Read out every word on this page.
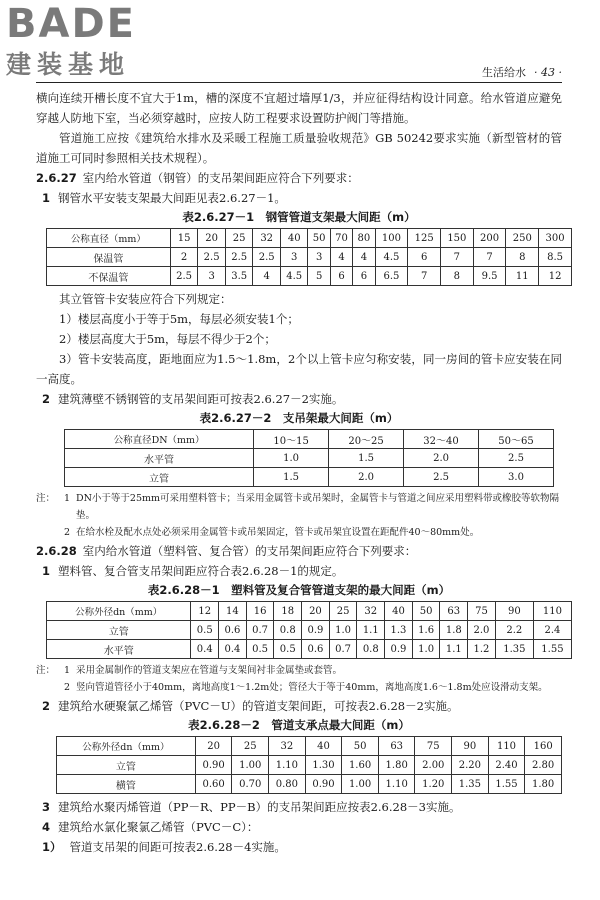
BADE
建装基地	生活给水 · 43 ·

横向连续开槽长度不宜大于1m，槽的深度不宜超过墙厚1/3，并应征得结构设计同意。给水管道应避免穿越人防地下室，当必须穿越时，应按人防工程要求设置防护阀门等措施。

管道施工应按《建筑给水排水及采暖工程施工质量验收规范》GB 50242要求实施（新型管材的管道施工可同时参照相关技术规程）。

2.6.27 室内给水管道（钢管）的支吊架间距应符合下列要求：

1 钢管水平安装支架最大间距见表2.6.27－1。

表2.6.27－1　钢管管道支架最大间距（m）
公称直径（mm）	15	20	25	32	40	50	70	80	100	125	150	200	250	300
保温管	2	2.5	2.5	2.5	3	3	4	4	4.5	6	7	7	8	8.5
不保温管	2.5	3	3.5	4	4.5	5	6	6	6.5	7	8	9.5	11	12

其立管管卡安装应符合下列规定：

1）楼层高度小于等于5m，每层必须安装1个；

2）楼层高度大于5m，每层不得少于2个；

3）管卡安装高度，距地面应为1.5～1.8m，2个以上管卡应匀称安装，同一房间的管卡应安装在同一高度。

2 建筑薄壁不锈钢管的支吊架间距可按表2.6.27－2实施。

表2.6.27－2　支吊架最大间距（m）
公称直径DN（mm）	10～15	20～25	32～40	50～65
水平管	1.0	1.5	2.0	2.5
立管	1.5	2.0	2.5	3.0
注： 1 DN小于等于25mm可采用塑料管卡；当采用金属管卡或吊架时，金属管卡与管道之间应采用塑料带或橡胶等软物隔垫。
2 在给水栓及配水点处必须采用金属管卡或吊架固定，管卡或吊架宜设置在距配件40～80mm处。

2.6.28 室内给水管道（塑料管、复合管）的支吊架间距应符合下列要求：

1 塑料管、复合管支吊架间距应符合表2.6.28－1的规定。

表2.6.28－1　塑料管及复合管管道支架的最大间距（m）
公称外径dn（mm）	12	14	16	18	20	25	32	40	50	63	75	90	110
立管	0.5	0.6	0.7	0.8	0.9	1.0	1.1	1.3	1.6	1.8	2.0	2.2	2.4
水平管	0.4	0.4	0.5	0.5	0.6	0.7	0.8	0.9	1.0	1.1	1.2	1.35	1.55
注： 1 采用金属制作的管道支架应在管道与支架间衬非金属垫或套管。
2 竖向管道管径小于40mm，离地高度1～1.2m处；管径大于等于40mm，离地高度1.6～1.8m处应设滑动支架。

2 建筑给水硬聚氯乙烯管（PVC－U）的管道支架间距，可按表2.6.28－2实施。

表2.6.28－2　管道支承点最大间距（m）
公称外径dn（mm）	20	25	32	40	50	63	75	90	110	160
立管	0.90	1.00	1.10	1.30	1.60	1.80	2.00	2.20	2.40	2.80
横管	0.60	0.70	0.80	0.90	1.00	1.10	1.20	1.35	1.55	1.80

3 建筑给水聚丙烯管道（PP－R、PP－B）的支吊架间距应按表2.6.28－3实施。

4 建筑给水氯化聚氯乙烯管（PVC－C）：

1） 管道支吊架的间距可按表2.6.28－4实施。
